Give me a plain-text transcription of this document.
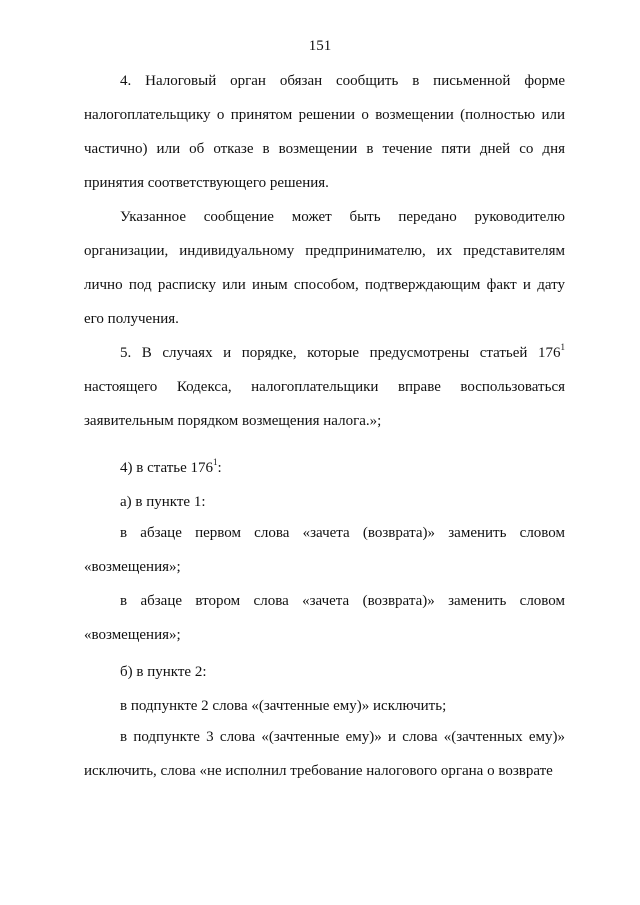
151

4. Налоговый орган обязан сообщить в письменной форме налогоплательщику о принятом решении о возмещении (полностью или частично) или об отказе в возмещении в течение пяти дней со дня принятия соответствующего решения.

Указанное сообщение может быть передано руководителю организации, индивидуальному предпринимателю, их представителям лично под расписку или иным способом, подтверждающим факт и дату его получения.

5. В случаях и порядке, которые предусмотрены статьей $176^1$ настоящего Кодекса, налогоплательщики вправе воспользоваться заявительным порядком возмещения налога.»;

4) в статье $176^1$:

а) в пункте 1:

в абзаце первом слова «зачета (возврата)» заменить словом «возмещения»;

в абзаце втором слова «зачета (возврата)» заменить словом «возмещения»;

б) в пункте 2:

в подпункте 2 слова «(зачтенные ему)» исключить;

в подпункте 3 слова «(зачтенные ему)» и слова «(зачтенных ему)» исключить, слова «не исполнил требование налогового органа о возврате
